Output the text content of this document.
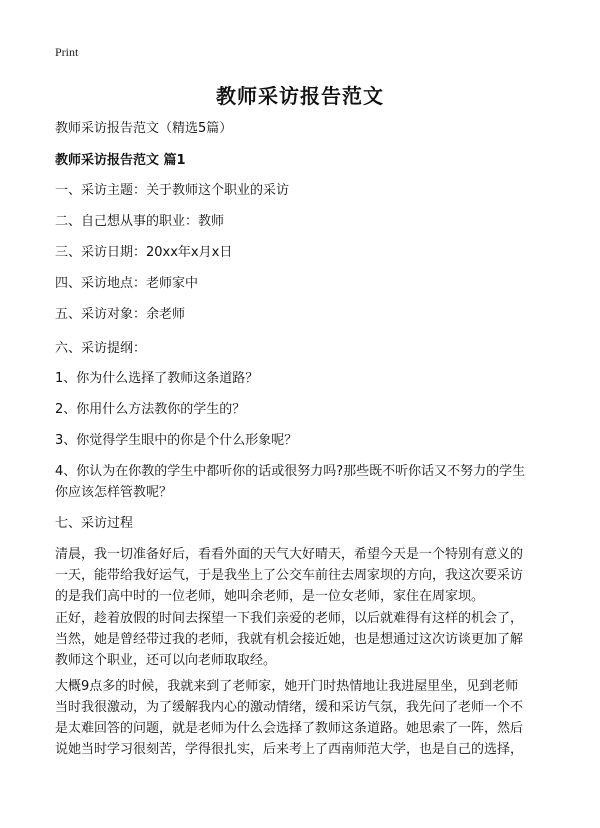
Print
教师采访报告范文
教师采访报告范文（精选5篇）
教师采访报告范文 篇1
一、采访主题：关于教师这个职业的采访
二、自己想从事的职业：教师
三、采访日期：20xx年x月x日
四、采访地点：老师家中
五、采访对象：余老师
六、采访提纲：
1、你为什么选择了教师这条道路？
2、你用什么方法教你的学生的？
3、你觉得学生眼中的你是个什么形象呢？
4、你认为在你教的学生中都听你的话或很努力吗?那些既不听你话又不努力的学生
你应该怎样管教呢？
七、采访过程
清晨，我一切准备好后，看看外面的天气大好晴天，希望今天是一个特别有意义的
一天，能带给我好运气，于是我坐上了公交车前往去周家坝的方向，我这次要采访
的是我们高中时的一位老师，她叫余老师，是一位女老师，家住在周家坝。
正好，趁着放假的时间去探望一下我们亲爱的老师，以后就难得有这样的机会了，
当然，她是曾经带过我的老师，我就有机会接近她，也是想通过这次访谈更加了解
教师这个职业，还可以向老师取取经。
大概9点多的时候，我就来到了老师家，她开门时热情地让我进屋里坐，见到老师
当时我很激动，为了缓解我内心的激动情绪，缓和采访气氛，我先问了老师一个不
是太难回答的问题，就是老师为什么会选择了教师这条道路。她思索了一阵，然后
说她当时学习很刻苦，学得很扎实，后来考上了西南师范大学，也是自己的选择，
